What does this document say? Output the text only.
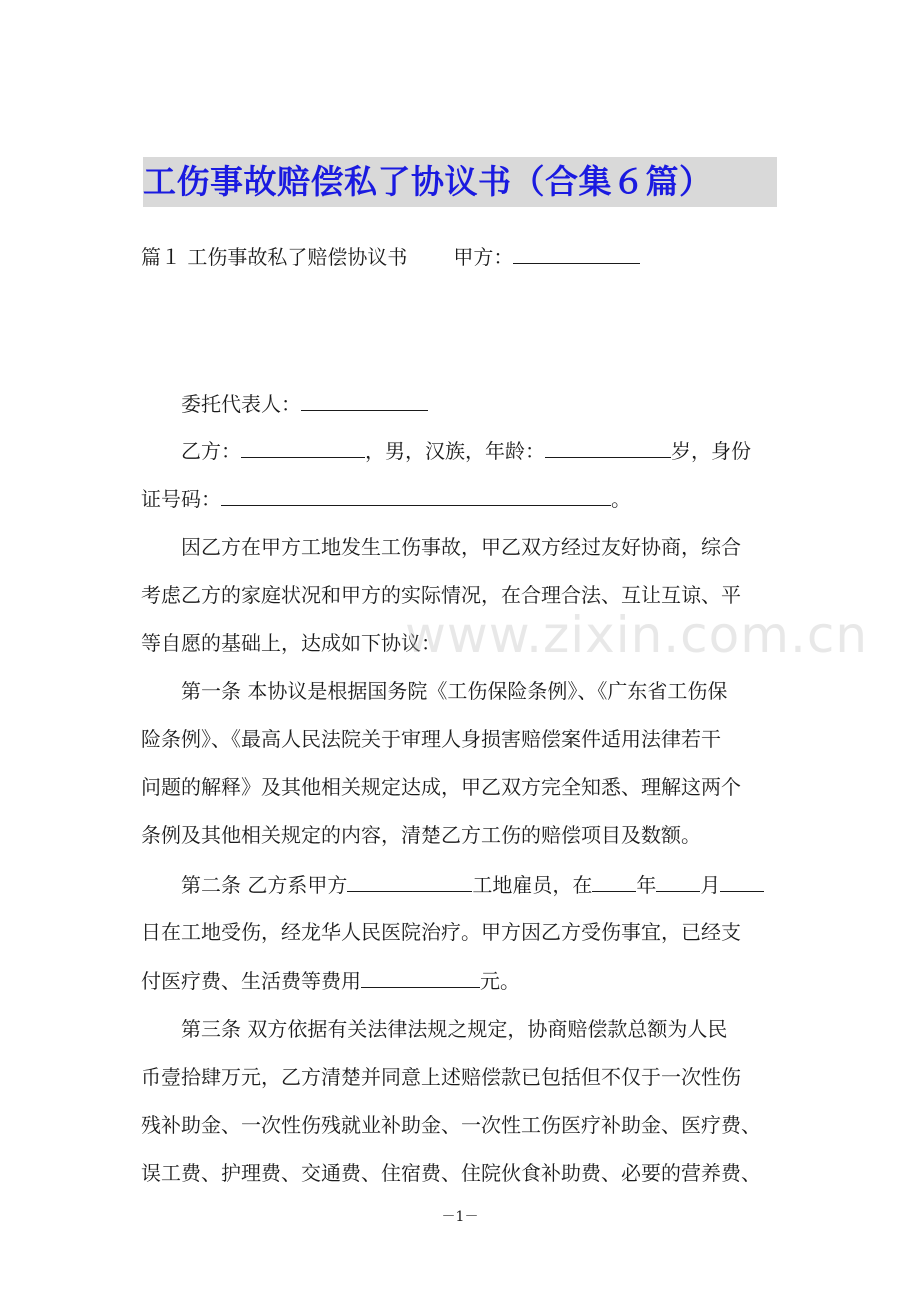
工伤事故赔偿私了协议书（合集６篇）
篇１ 工伤事故私了赔偿协议书 甲方：
委托代表人：
乙方：	，男，汉族，年龄：	岁，身份
证号码：	。
因乙方在甲方工地发生工伤事故，甲乙双方经过友好协商，综合
考虑乙方的家庭状况和甲方的实际情况，在合理合法、互让互谅、平
等自愿的基础上，达成如下协议：
第一条 本协议是根据国务院《工伤保险条例》、《广东省工伤保
险条例》、《最高人民法院关于审理人身损害赔偿案件适用法律若干
问题的解释》及其他相关规定达成，甲乙双方完全知悉、理解这两个
条例及其他相关规定的内容，清楚乙方工伤的赔偿项目及数额。
第二条 乙方系甲方	工地雇员，在 年 月
日在工地受伤，经龙华人民医院治疗。甲方因乙方受伤事宜，已经支
付医疗费、生活费等费用	元。
第三条 双方依据有关法律法规之规定，协商赔偿款总额为人民
币壹拾肆万元，乙方清楚并同意上述赔偿款已包括但不仅于一次性伤
残补助金、一次性伤残就业补助金、一次性工伤医疗补助金、医疗费、
误工费、护理费、交通费、住宿费、住院伙食补助费、必要的营养费、
www.zixin.com.cn
－1－
